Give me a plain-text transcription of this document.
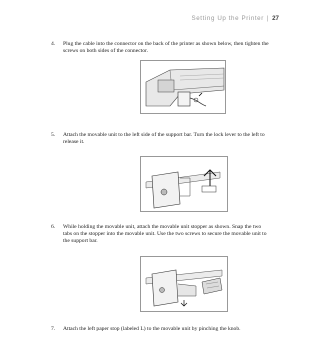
Setting Up the Printer | 27
4. Plug the cable into the connector on the back of the printer as shown below, then tighten the screws on both sides of the connector.

5. Attach the movable unit to the left side of the support bar. Turn the lock lever to the left to release it.

6. While holding the movable unit, attach the movable unit stopper as shown. Snap the two tabs on the stopper into the movable unit. Use the two screws to secure the movable unit to the support bar.

7. Attach the left paper stop (labeled L) to the movable unit by pinching the knob.
